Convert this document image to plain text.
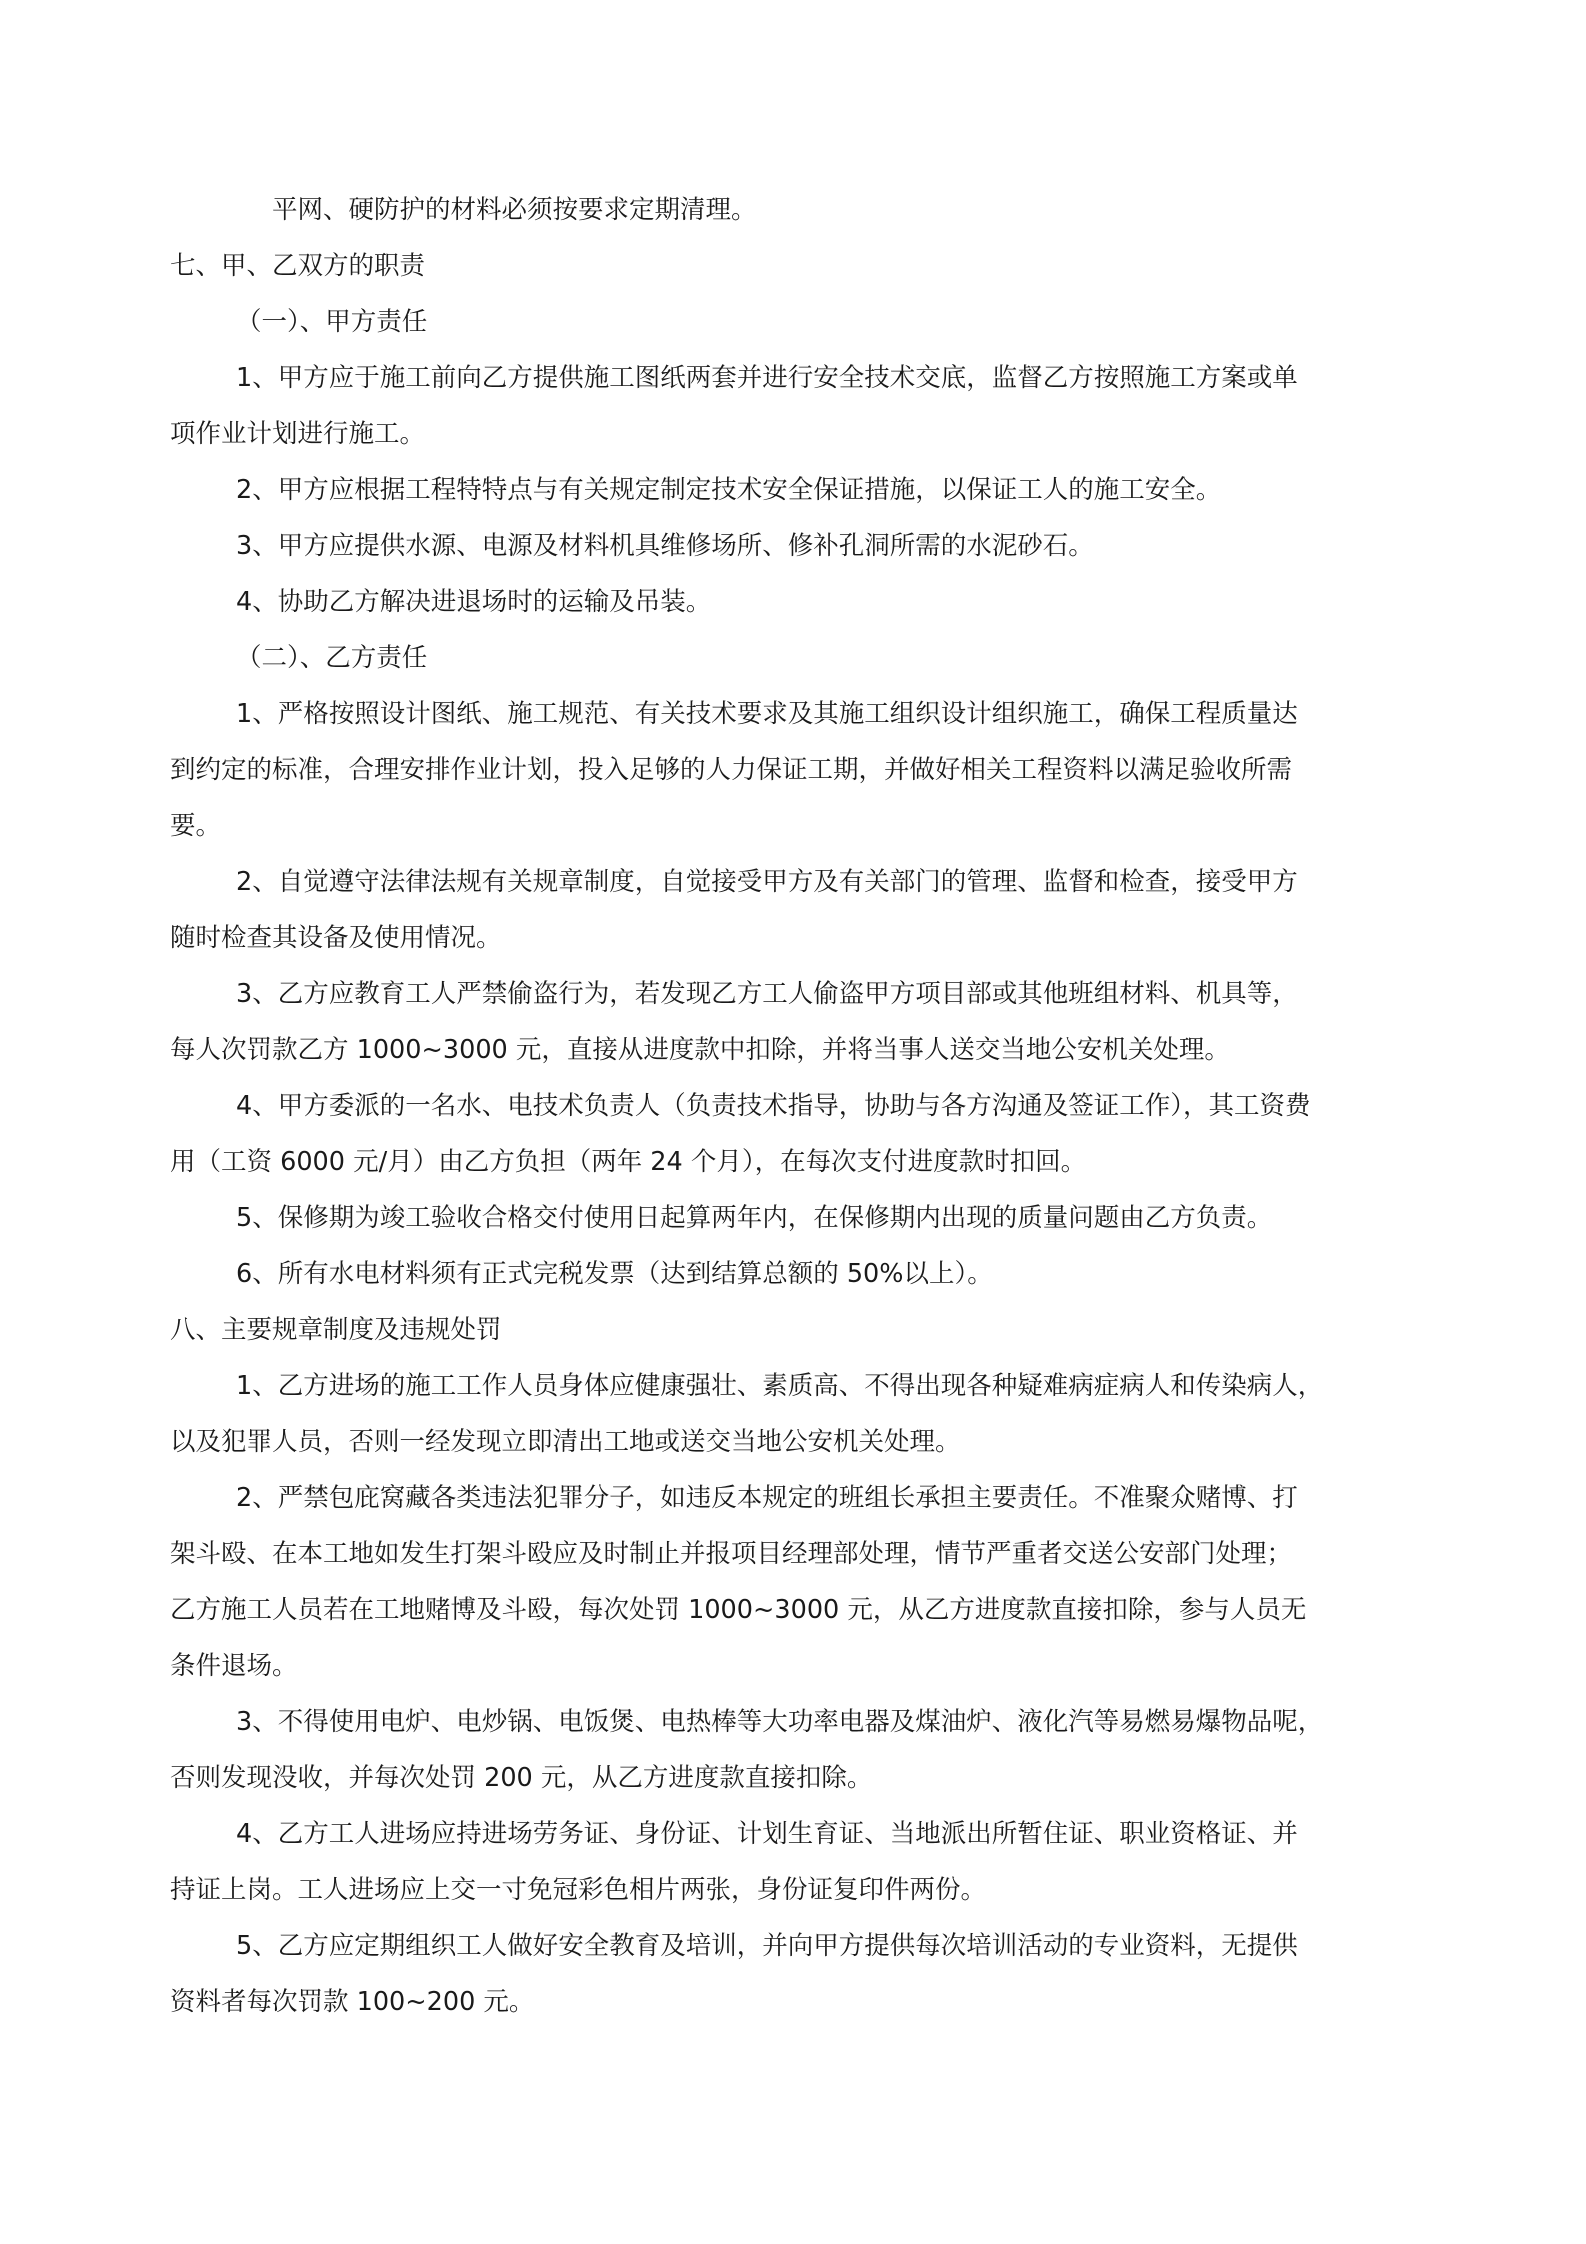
平网、硬防护的材料必须按要求定期清理。
七、甲、乙双方的职责
（一）、甲方责任
1、甲方应于施工前向乙方提供施工图纸两套并进行安全技术交底，监督乙方按照施工方案或单
项作业计划进行施工。
2、甲方应根据工程特特点与有关规定制定技术安全保证措施，以保证工人的施工安全。
3、甲方应提供水源、电源及材料机具维修场所、修补孔洞所需的水泥砂石。
4、协助乙方解决进退场时的运输及吊装。
（二）、乙方责任
1、严格按照设计图纸、施工规范、有关技术要求及其施工组织设计组织施工，确保工程质量达
到约定的标准，合理安排作业计划，投入足够的人力保证工期，并做好相关工程资料以满足验收所需
要。
2、自觉遵守法律法规有关规章制度，自觉接受甲方及有关部门的管理、监督和检查，接受甲方
随时检查其设备及使用情况。
3、乙方应教育工人严禁偷盗行为，若发现乙方工人偷盗甲方项目部或其他班组材料、机具等，
每人次罚款乙方 1000~3000 元，直接从进度款中扣除，并将当事人送交当地公安机关处理。
4、甲方委派的一名水、电技术负责人（负责技术指导，协助与各方沟通及签证工作），其工资费
用（工资 6000 元/月）由乙方负担（两年 24 个月），在每次支付进度款时扣回。
5、保修期为竣工验收合格交付使用日起算两年内，在保修期内出现的质量问题由乙方负责。
6、所有水电材料须有正式完税发票（达到结算总额的 50%以上）。
八、主要规章制度及违规处罚
1、乙方进场的施工工作人员身体应健康强壮、素质高、不得出现各种疑难病症病人和传染病人，
以及犯罪人员，否则一经发现立即清出工地或送交当地公安机关处理。
2、严禁包庇窝藏各类违法犯罪分子，如违反本规定的班组长承担主要责任。不准聚众赌博、打
架斗殴、在本工地如发生打架斗殴应及时制止并报项目经理部处理，情节严重者交送公安部门处理；
乙方施工人员若在工地赌博及斗殴，每次处罚 1000~3000 元，从乙方进度款直接扣除，参与人员无
条件退场。
3、不得使用电炉、电炒锅、电饭煲、电热棒等大功率电器及煤油炉、液化汽等易燃易爆物品呢，
否则发现没收，并每次处罚 200 元，从乙方进度款直接扣除。
4、乙方工人进场应持进场劳务证、身份证、计划生育证、当地派出所暂住证、职业资格证、并
持证上岗。工人进场应上交一寸免冠彩色相片两张，身份证复印件两份。
5、乙方应定期组织工人做好安全教育及培训，并向甲方提供每次培训活动的专业资料，无提供
资料者每次罚款 100~200 元。
